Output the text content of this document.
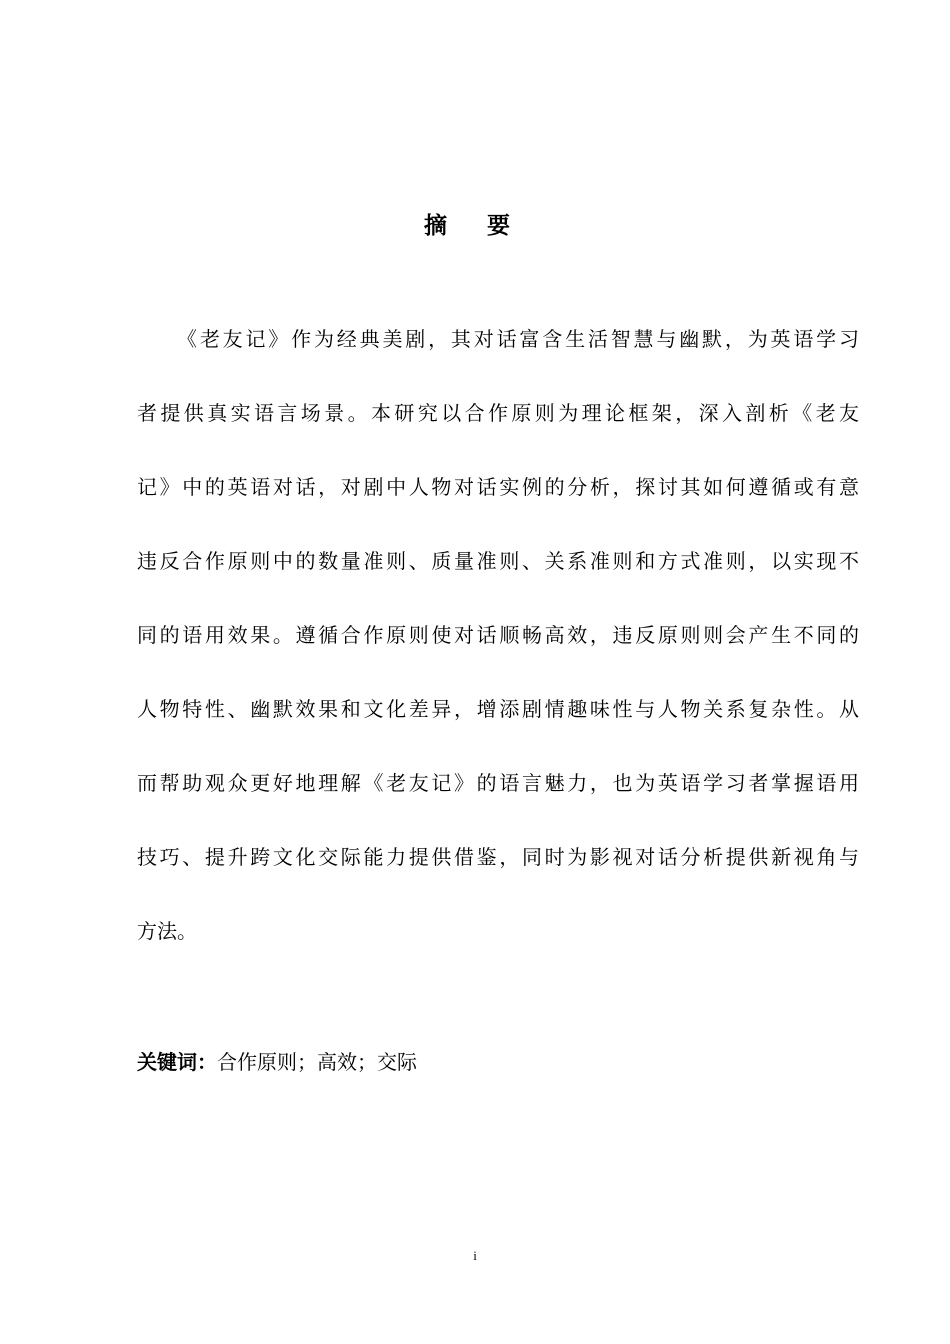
摘 要
《老友记》作为经典美剧，其对话富含生活智慧与幽默，为英语学习
者提供真实语言场景。本研究以合作原则为理论框架，深入剖析《老友
记》中的英语对话，对剧中人物对话实例的分析，探讨其如何遵循或有意
违反合作原则中的数量准则、质量准则、关系准则和方式准则，以实现不
同的语用效果。遵循合作原则使对话顺畅高效，违反原则则会产生不同的
人物特性、幽默效果和文化差异，增添剧情趣味性与人物关系复杂性。从
而帮助观众更好地理解《老友记》的语言魅力，也为英语学习者掌握语用
技巧、提升跨文化交际能力提供借鉴，同时为影视对话分析提供新视角与
方法。
关键词：合作原则；高效；交际
i
